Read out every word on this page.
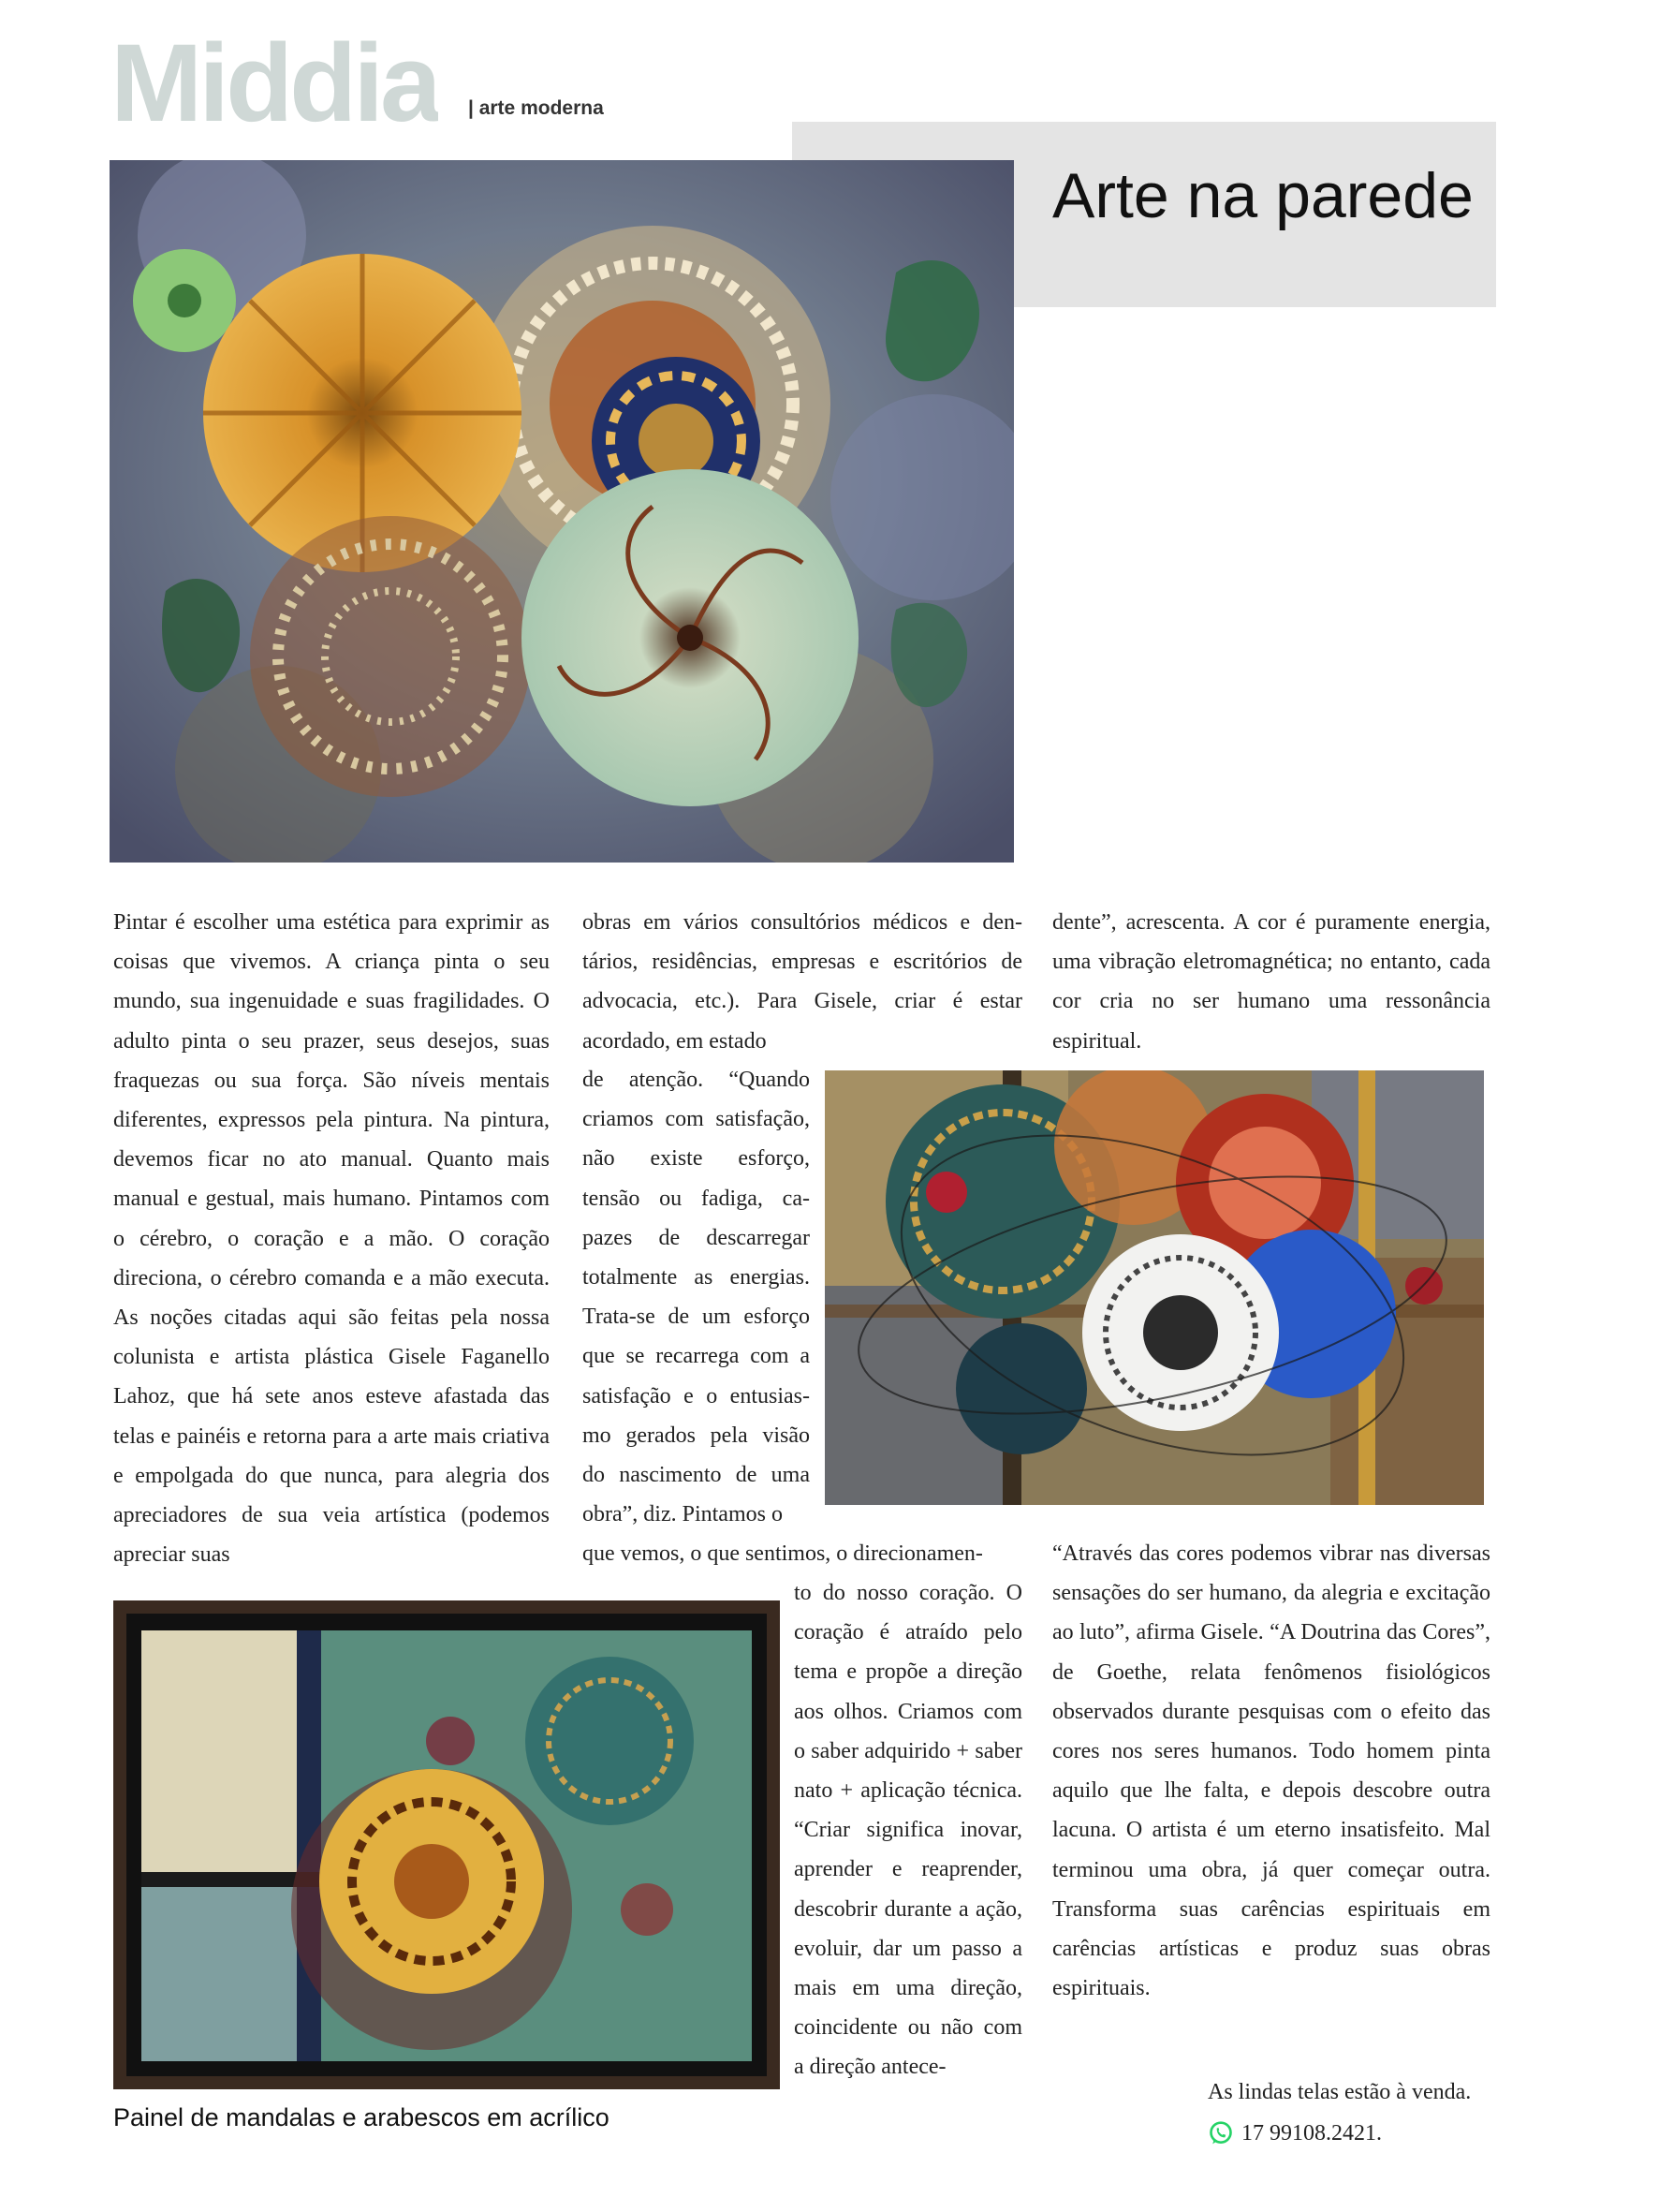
Middia | arte moderna
Arte na parede

Pintar é escolher uma estética para exprimir as coisas que vivemos. A criança pinta o seu mundo, sua ingenuidade e suas fragilidades. O adulto pinta o seu prazer, seus desejos, suas fraquezas ou sua força. São níveis mentais diferentes, expressos pela pintura. Na pintura, devemos ficar no ato manual. Quanto mais manual e gestual, mais humano. Pintamos com o cérebro, o coração e a mão. O coração direciona, o cérebro comanda e a mão executa. As noções citadas aqui são feitas pela nossa colunista e artista plástica Gisele Faganello Lahoz, que há sete anos esteve afastada das telas e painéis e retorna para a arte mais criativa e empolgada do que nunca, para alegria dos apreciadores de sua veia artística (podemos apreciar suas

obras em vários consultórios médicos e dentários, residências, empresas e escritórios de advocacia, etc.). Para Gisele, criar é estar acordado, em estado

de atenção. “Quando criamos com satisfação, não existe esforço, tensão ou fadiga, capazes de descarregar totalmente as energias. Trata-se de um esforço que se recarrega com a satisfação e o entusiasmo gerados pela visão do nascimento de uma obra”, diz. Pintamos o

que vemos, o que sentimos, o direcionamen-

to do nosso coração. O coração é atraído pelo tema e propõe a direção aos olhos. Criamos com o saber adquirido + saber nato + aplicação técnica. “Criar significa inovar, aprender e reaprender, descobrir durante a ação, evoluir, dar um passo a mais em uma direção, coincidente ou não com a direção antece-

dente”, acrescenta. A cor é puramente energia, uma vibração eletromagnética; no entanto, cada cor cria no ser humano uma ressonância espiritual.

“Através das cores podemos vibrar nas diversas sensações do ser humano, da alegria e excitação ao luto”, afirma Gisele. “A Doutrina das Cores”, de Goethe, relata fenômenos fisiológicos observados durante pesquisas com o efeito das cores nos seres humanos. Todo homem pinta aquilo que lhe falta, e depois descobre outra lacuna. O artista é um eterno insatisfeito. Mal terminou uma obra, já quer começar outra. Transforma suas carências espirituais em carências artísticas e produz suas obras espirituais.

Painel de mandalas e arabescos em acrílico
As lindas telas estão à venda.
17 99108.2421.
